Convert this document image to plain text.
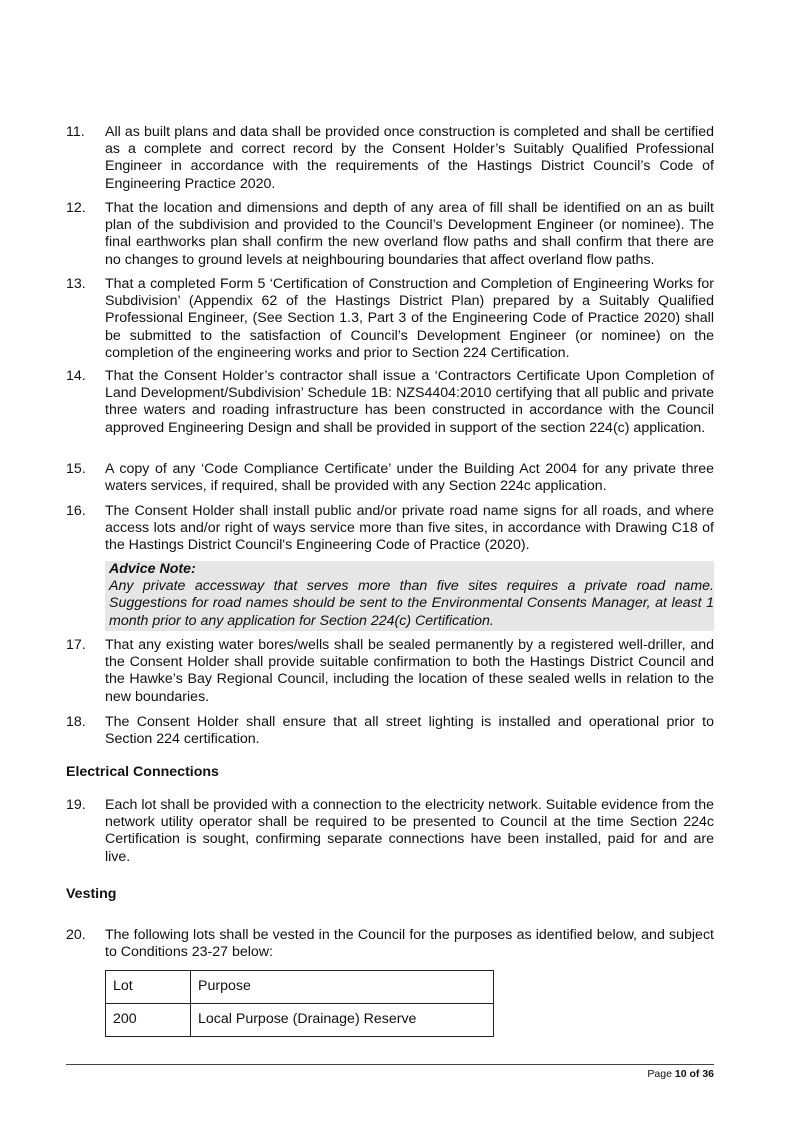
11.	All as built plans and data shall be provided once construction is completed and shall be certified as a complete and correct record by the Consent Holder’s Suitably Qualified Professional Engineer in accordance with the requirements of the Hastings District Council’s Code of Engineering Practice 2020.
12.	That the location and dimensions and depth of any area of fill shall be identified on an as built plan of the subdivision and provided to the Council’s Development Engineer (or nominee). The final earthworks plan shall confirm the new overland flow paths and shall confirm that there are no changes to ground levels at neighbouring boundaries that affect overland flow paths.
13.	That a completed Form 5 ‘Certification of Construction and Completion of Engineering Works for Subdivision’ (Appendix 62 of the Hastings District Plan) prepared by a Suitably Qualified Professional Engineer, (See Section 1.3, Part 3 of the Engineering Code of Practice 2020) shall be submitted to the satisfaction of Council’s Development Engineer (or nominee) on the completion of the engineering works and prior to Section 224 Certification.
14.	That the Consent Holder’s contractor shall issue a ‘Contractors Certificate Upon Completion of Land Development/Subdivision’ Schedule 1B: NZS4404:2010 certifying that all public and private three waters and roading infrastructure has been constructed in accordance with the Council approved Engineering Design and shall be provided in support of the section 224(c) application.
15.	A copy of any ‘Code Compliance Certificate’ under the Building Act 2004 for any private three waters services, if required, shall be provided with any Section 224c application.
16.	The Consent Holder shall install public and/or private road name signs for all roads, and where access lots and/or right of ways service more than five sites, in accordance with Drawing C18 of the Hastings District Council's Engineering Code of Practice (2020).
Advice Note:
Any private accessway that serves more than five sites requires a private road name. Suggestions for road names should be sent to the Environmental Consents Manager, at least 1 month prior to any application for Section 224(c) Certification.
17.	That any existing water bores/wells shall be sealed permanently by a registered well-driller, and the Consent Holder shall provide suitable confirmation to both the Hastings District Council and the Hawke’s Bay Regional Council, including the location of these sealed wells in relation to the new boundaries.
18.	The Consent Holder shall ensure that all street lighting is installed and operational prior to Section 224 certification.
Electrical Connections
19.	Each lot shall be provided with a connection to the electricity network. Suitable evidence from the network utility operator shall be required to be presented to Council at the time Section 224c Certification is sought, confirming separate connections have been installed, paid for and are live.
Vesting
20.	The following lots shall be vested in the Council for the purposes as identified below, and subject to Conditions 23-27 below:
Lot	Purpose
200	Local Purpose (Drainage) Reserve
Page 10 of 36
